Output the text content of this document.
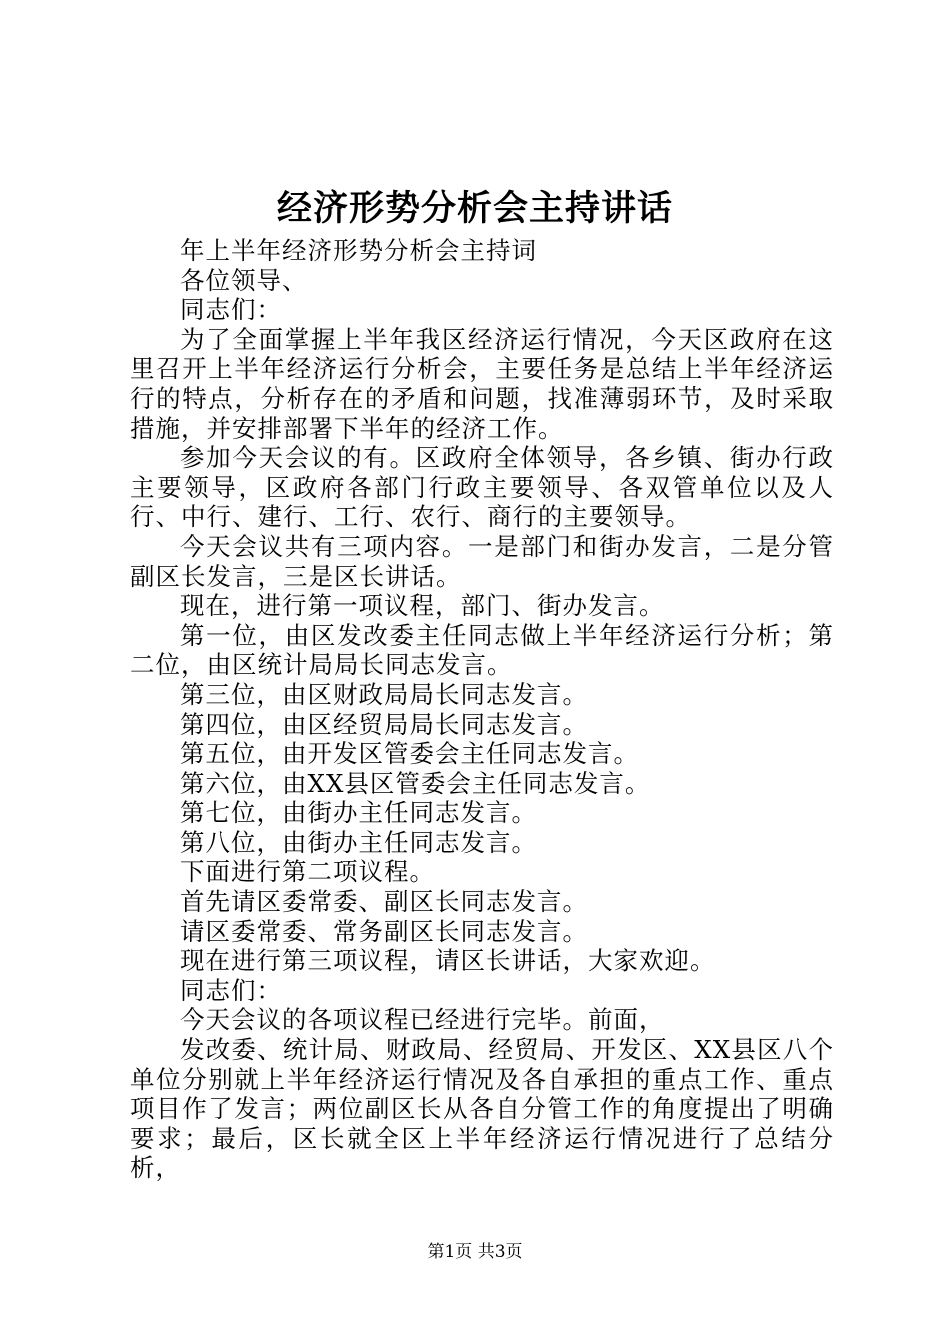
经济形势分析会主持讲话

年上半年经济形势分析会主持词

各位领导、

同志们：

为了全面掌握上半年我区经济运行情况，今天区政府在这里召开上半年经济运行分析会，主要任务是总结上半年经济运行的特点，分析存在的矛盾和问题，找准薄弱环节，及时采取措施，并安排部署下半年的经济工作。

参加今天会议的有。区政府全体领导，各乡镇、街办行政主要领导，区政府各部门行政主要领导、各双管单位以及人行、中行、建行、工行、农行、商行的主要领导。

今天会议共有三项内容。一是部门和街办发言，二是分管副区长发言，三是区长讲话。

现在，进行第一项议程，部门、街办发言。

第一位，由区发改委主任同志做上半年经济运行分析；第二位，由区统计局局长同志发言。

第三位，由区财政局局长同志发言。

第四位，由区经贸局局长同志发言。

第五位，由开发区管委会主任同志发言。

第六位，由XX县区管委会主任同志发言。

第七位，由街办主任同志发言。

第八位，由街办主任同志发言。

下面进行第二项议程。

首先请区委常委、副区长同志发言。

请区委常委、常务副区长同志发言。

现在进行第三项议程，请区长讲话，大家欢迎。

同志们：

今天会议的各项议程已经进行完毕。前面，

发改委、统计局、财政局、经贸局、开发区、XX县区八个单位分别就上半年经济运行情况及各自承担的重点工作、重点项目作了发言；两位副区长从各自分管工作的角度提出了明确要求；最后，区长就全区上半年经济运行情况进行了总结分析，

第1页 共3页
